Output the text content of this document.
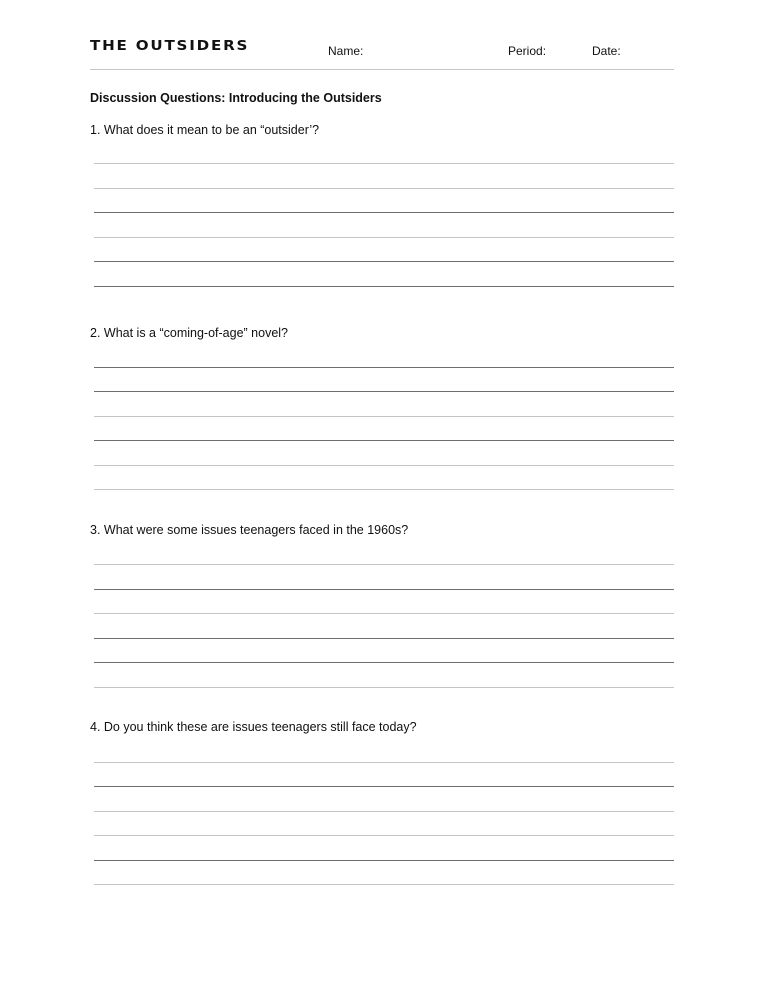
THE OUTSIDERS	Name:	Period:	Date:
Discussion Questions: Introducing the Outsiders

1. What does it mean to be an “outsider’?

2. What is a “coming-of-age” novel?

3. What were some issues teenagers faced in the 1960s?

4. Do you think these are issues teenagers still face today?
